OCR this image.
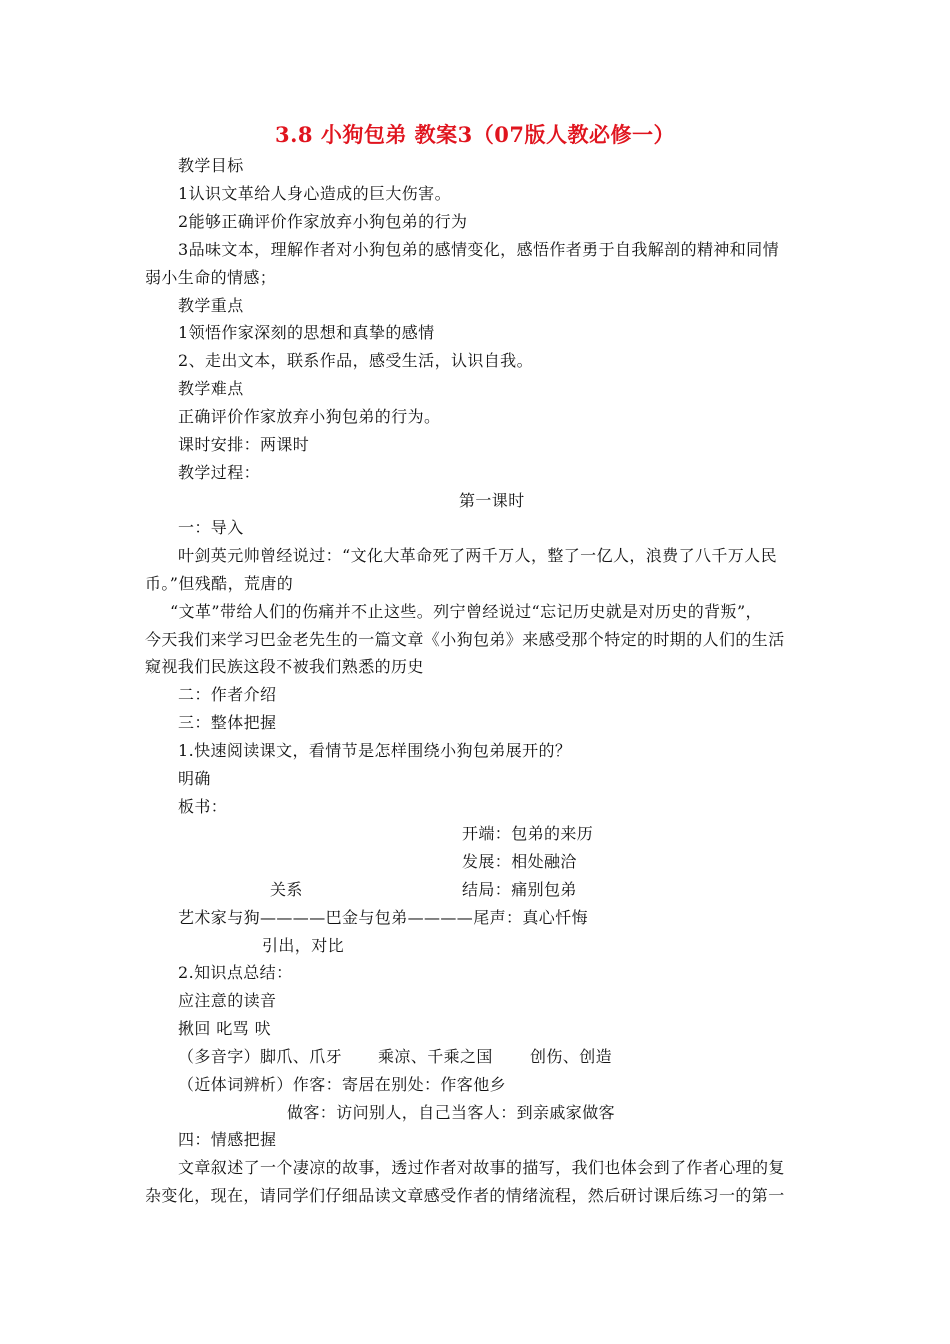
3.8 小狗包弟 教案3（07版人教必修一）
教学目标
1认识文革给人身心造成的巨大伤害。
2能够正确评价作家放弃小狗包弟的行为
3品味文本，理解作者对小狗包弟的感情变化，感悟作者勇于自我解剖的精神和同情
弱小生命的情感；
教学重点
1领悟作家深刻的思想和真挚的感情
2、走出文本，联系作品，感受生活，认识自我。
教学难点
正确评价作家放弃小狗包弟的行为。
课时安排：两课时
教学过程：
第一课时
一：导入
叶剑英元帅曾经说过：“文化大革命死了两千万人，整了一亿人，浪费了八千万人民
币。”但残酷，荒唐的
“文革”带给人们的伤痛并不止这些。列宁曾经说过“忘记历史就是对历史的背叛”，
今天我们来学习巴金老先生的一篇文章《小狗包弟》来感受那个特定的时期的人们的生活
窥视我们民族这段不被我们熟悉的历史
二：作者介绍
三：整体把握
1.快速阅读课文，看情节是怎样围绕小狗包弟展开的？
明确
板书：
开端：包弟的来历
发展：相处融洽
关系	结局：痛别包弟
艺术家与狗————巴金与包弟————尾声：真心忏悔
引出，对比
2.知识点总结：
应注意的读音
揪回 叱骂 吠
（多音字）脚爪、爪牙 乘凉、千乘之国 创伤、创造
（近体词辨析）作客：寄居在别处：作客他乡
做客：访问别人，自己当客人：到亲戚家做客
四：情感把握
文章叙述了一个凄凉的故事，透过作者对故事的描写，我们也体会到了作者心理的复
杂变化，现在，请同学们仔细品读文章感受作者的情绪流程，然后研讨课后练习一的第一
